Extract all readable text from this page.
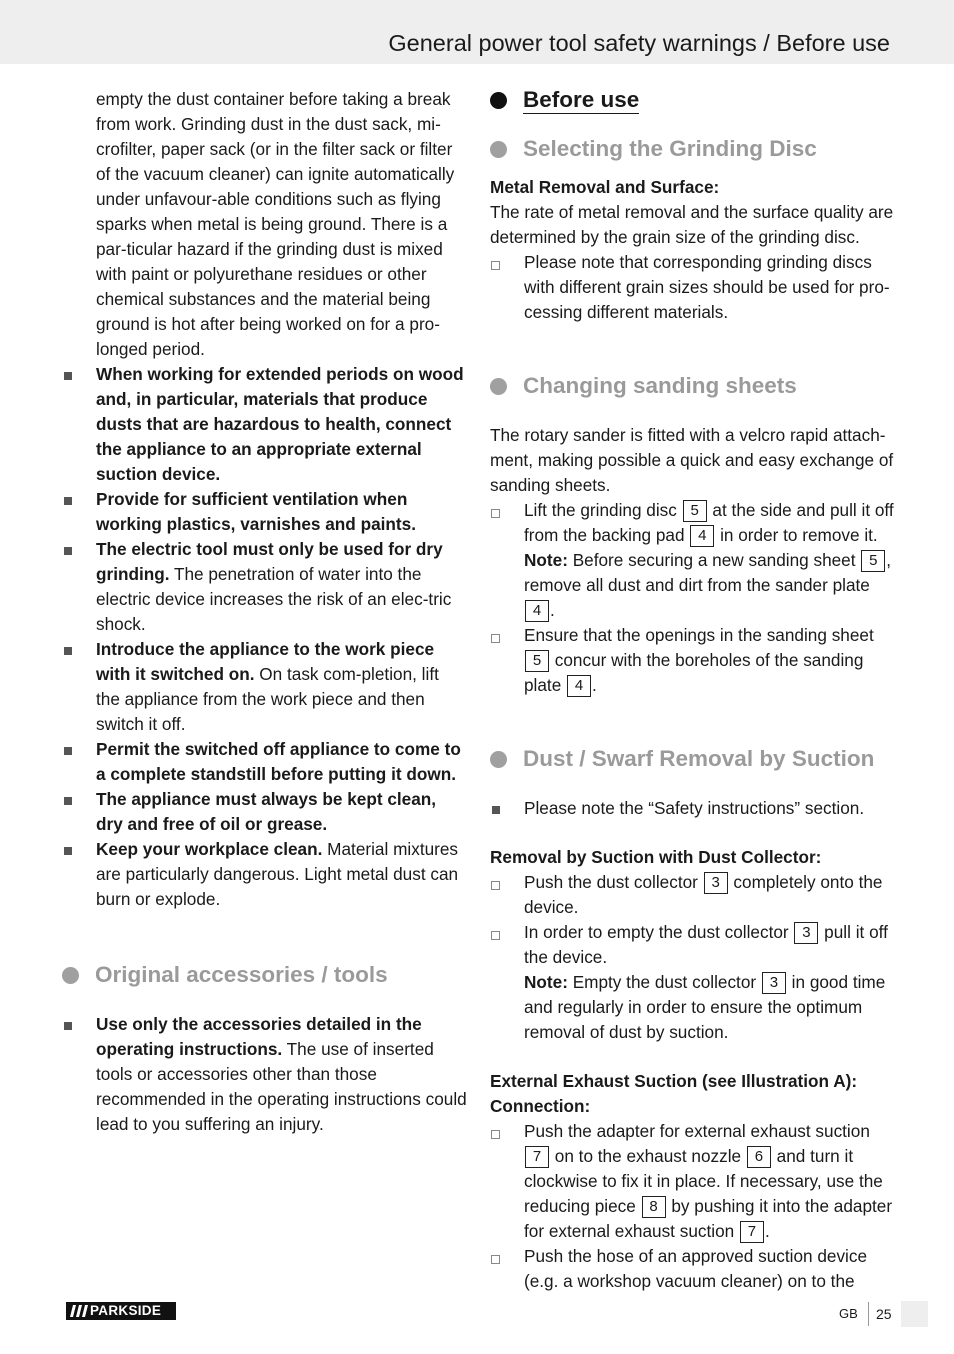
General power tool safety warnings / Before use

empty the dust container before taking a break from work. Grinding dust in the dust sack, mi-crofilter, paper sack (or in the filter sack or filter of the vacuum cleaner) can ignite automatically under unfavour-able conditions such as flying sparks when metal is being ground. There is a par-ticular hazard if the grinding dust is mixed with paint or polyurethane residues or other chemical substances and the material being ground is hot after being worked on for a pro-longed period.

When working for extended periods on wood and, in particular, materials that produce dusts that are hazardous to health, connect the appliance to an appropriate external suction device.
Provide for sufficient ventilation when working plastics, varnishes and paints.
The electric tool must only be used for dry grinding. The penetration of water into the electric device increases the risk of an elec-tric shock.
Introduce the appliance to the work piece with it switched on. On task com-pletion, lift the appliance from the work piece and then switch it off.
Permit the switched off appliance to come to a complete standstill before putting it down.
The appliance must always be kept clean, dry and free of oil or grease.
Keep your workplace clean. Material mixtures are particularly dangerous. Light metal dust can burn or explode.
Original accessories / tools
Use only the accessories detailed in the operating instructions. The use of inserted tools or accessories other than those recommended in the operating instructions could lead to you suffering an injury.
Before use
Selecting the Grinding Disc

Metal Removal and Surface:

The rate of metal removal and the surface quality are determined by the grain size of the grinding disc.

Please note that corresponding grinding discs with different grain sizes should be used for pro-cessing different materials.
Changing sanding sheets

The rotary sander is fitted with a velcro rapid attach-ment, making possible a quick and easy exchange of sanding sheets.

Lift the grinding disc 5 at the side and pull it off from the backing pad 4 in order to remove it.
Note: Before securing a new sanding sheet 5 , remove all dust and dirt from the sander plate 4 .
Ensure that the openings in the sanding sheet 5 concur with the boreholes of the sanding plate 4 .
Dust / Swarf Removal by Suction
Please note the “Safety instructions” section.

Removal by Suction with Dust Collector:

Push the dust collector 3 completely onto the device.
In order to empty the dust collector 3 pull it off the device.
Note: Empty the dust collector 3 in good time and regularly in order to ensure the optimum removal of dust by suction.

External Exhaust Suction (see Illustration A): Connection:

Push the adapter for external exhaust suction 7 on to the exhaust nozzle 6 and turn it clockwise to fix it in place. If necessary, use the reducing piece 8 by pushing it into the adapter for external exhaust suction 7 .
Push the hose of an approved suction device (e.g. a workshop vacuum cleaner) on to the
PARKSIDE	GB 25
